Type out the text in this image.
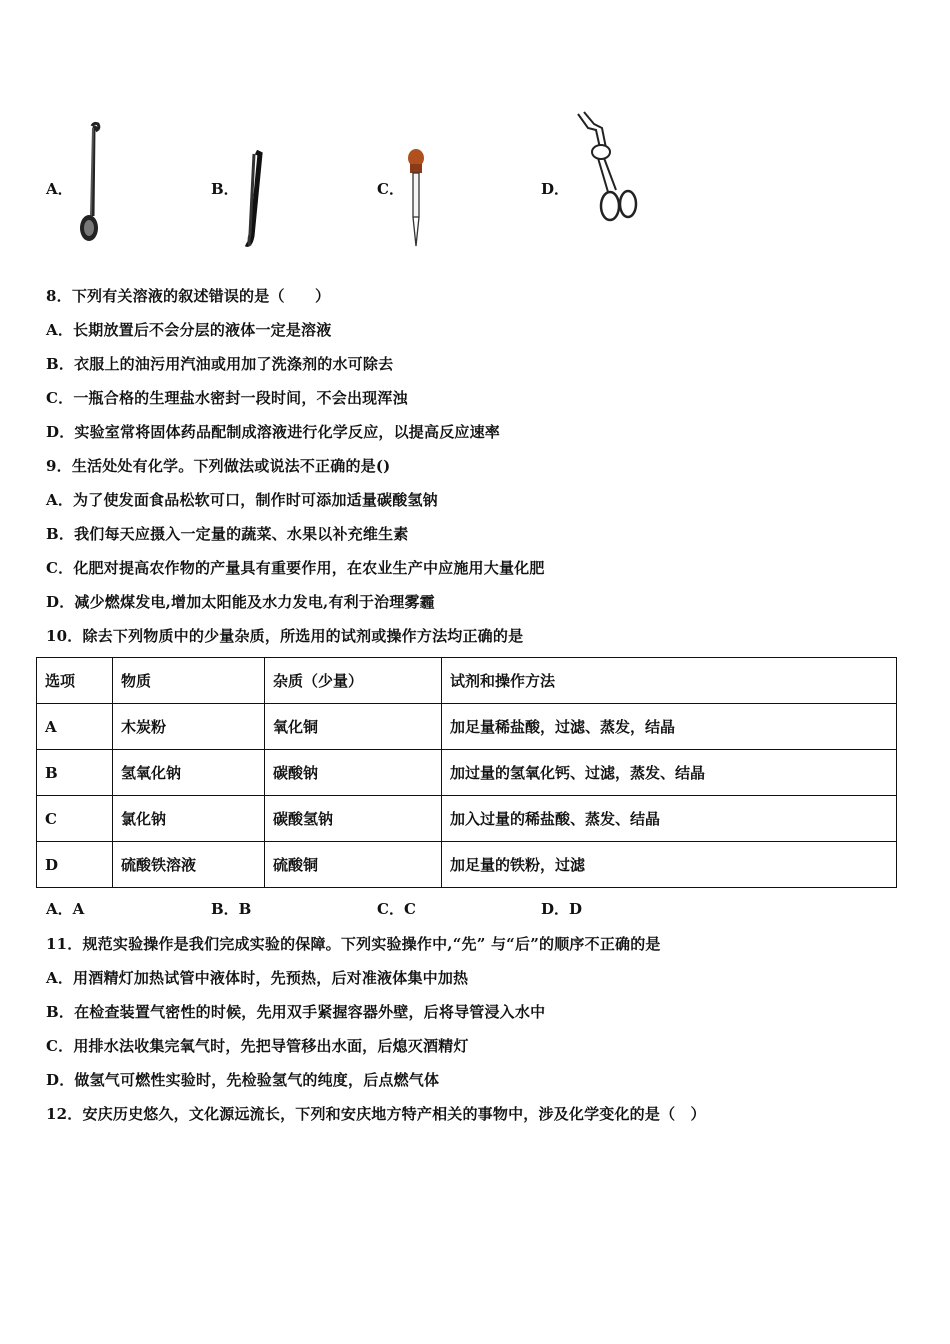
A．	B．	C．	D．
8．下列有关溶液的叙述错误的是（　　）
A．长期放置后不会分层的液体一定是溶液
B．衣服上的油污用汽油或用加了洗涤剂的水可除去
C．一瓶合格的生理盐水密封一段时间，不会出现浑浊
D．实验室常将固体药品配制成溶液进行化学反应，以提高反应速率
9．生活处处有化学。下列做法或说法不正确的是()
A．为了使发面食品松软可口，制作时可添加适量碳酸氢钠
B．我们每天应摄入一定量的蔬菜、水果以补充维生素
C．化肥对提高农作物的产量具有重要作用，在农业生产中应施用大量化肥
D．减少燃煤发电,增加太阳能及水力发电,有利于治理雾霾
10．除去下列物质中的少量杂质，所选用的试剂或操作方法均正确的是
选项	物质	杂质（少量）	试剂和操作方法
A	木炭粉	氧化铜	加足量稀盐酸，过滤、蒸发，结晶
B	氢氧化钠	碳酸钠	加过量的氢氧化钙、过滤，蒸发、结晶
C	氯化钠	碳酸氢钠	加入过量的稀盐酸、蒸发、结晶
D	硫酸铁溶液	硫酸铜	加足量的铁粉，过滤
A．A	B．B	C．C	D．D
11．规范实验操作是我们完成实验的保障。下列实验操作中,“先” 与“后”的顺序不正确的是
A．用酒精灯加热试管中液体时，先预热，后对准液体集中加热
B．在检查装置气密性的时候，先用双手紧握容器外壁，后将导管浸入水中
C．用排水法收集完氧气时，先把导管移出水面，后熄灭酒精灯
D．做氢气可燃性实验时，先检验氢气的纯度，后点燃气体
12．安庆历史悠久，文化源远流长，下列和安庆地方特产相关的事物中，涉及化学变化的是（　）
